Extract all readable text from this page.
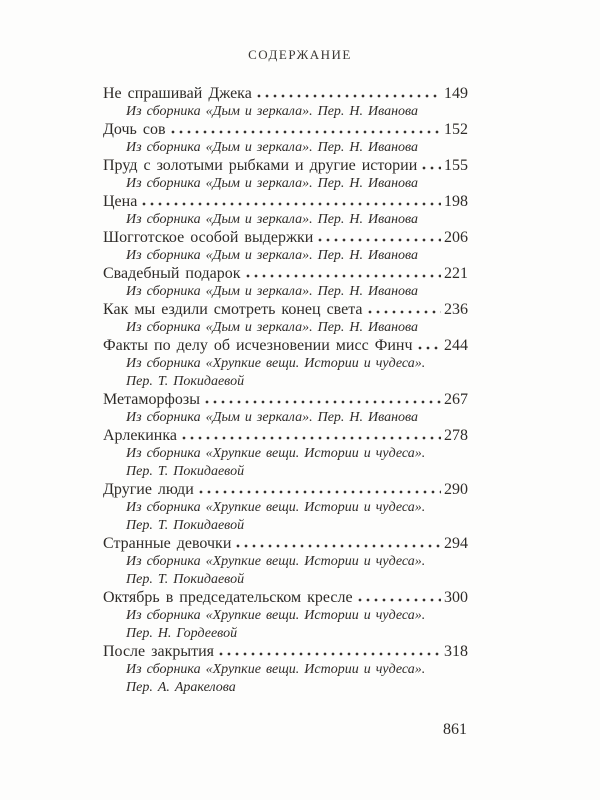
СОДЕРЖАНИЕ
Не спрашивай Джека	149
Из сборника «Дым и зеркала». Пер. Н. Иванова
Дочь сов	152
Из сборника «Дым и зеркала». Пер. Н. Иванова
Пруд с золотыми рыбками и другие истории 155
Из сборника «Дым и зеркала». Пер. Н. Иванова
Цена	198
Из сборника «Дым и зеркала». Пер. Н. Иванова
Шогготское особой выдержки	206
Из сборника «Дым и зеркала». Пер. Н. Иванова
Свадебный подарок	221
Из сборника «Дым и зеркала». Пер. Н. Иванова
Как мы ездили смотреть конец света	236
Из сборника «Дым и зеркала». Пер. Н. Иванова
Факты по делу об исчезновении мисс Финч 244
Из сборника «Хрупкие вещи. Истории и чудеса».
Пер. Т. Покидаевой
Метаморфозы	267
Из сборника «Дым и зеркала». Пер. Н. Иванова
Арлекинка	278
Из сборника «Хрупкие вещи. Истории и чудеса».
Пер. Т. Покидаевой
Другие люди	290
Из сборника «Хрупкие вещи. Истории и чудеса».
Пер. Т. Покидаевой
Странные девочки	294
Из сборника «Хрупкие вещи. Истории и чудеса».
Пер. Т. Покидаевой
Октябрь в председательском кресле	300
Из сборника «Хрупкие вещи. Истории и чудеса».
Пер. Н. Гордеевой
После закрытия	318
Из сборника «Хрупкие вещи. Истории и чудеса».
Пер. А. Аракелова
861
